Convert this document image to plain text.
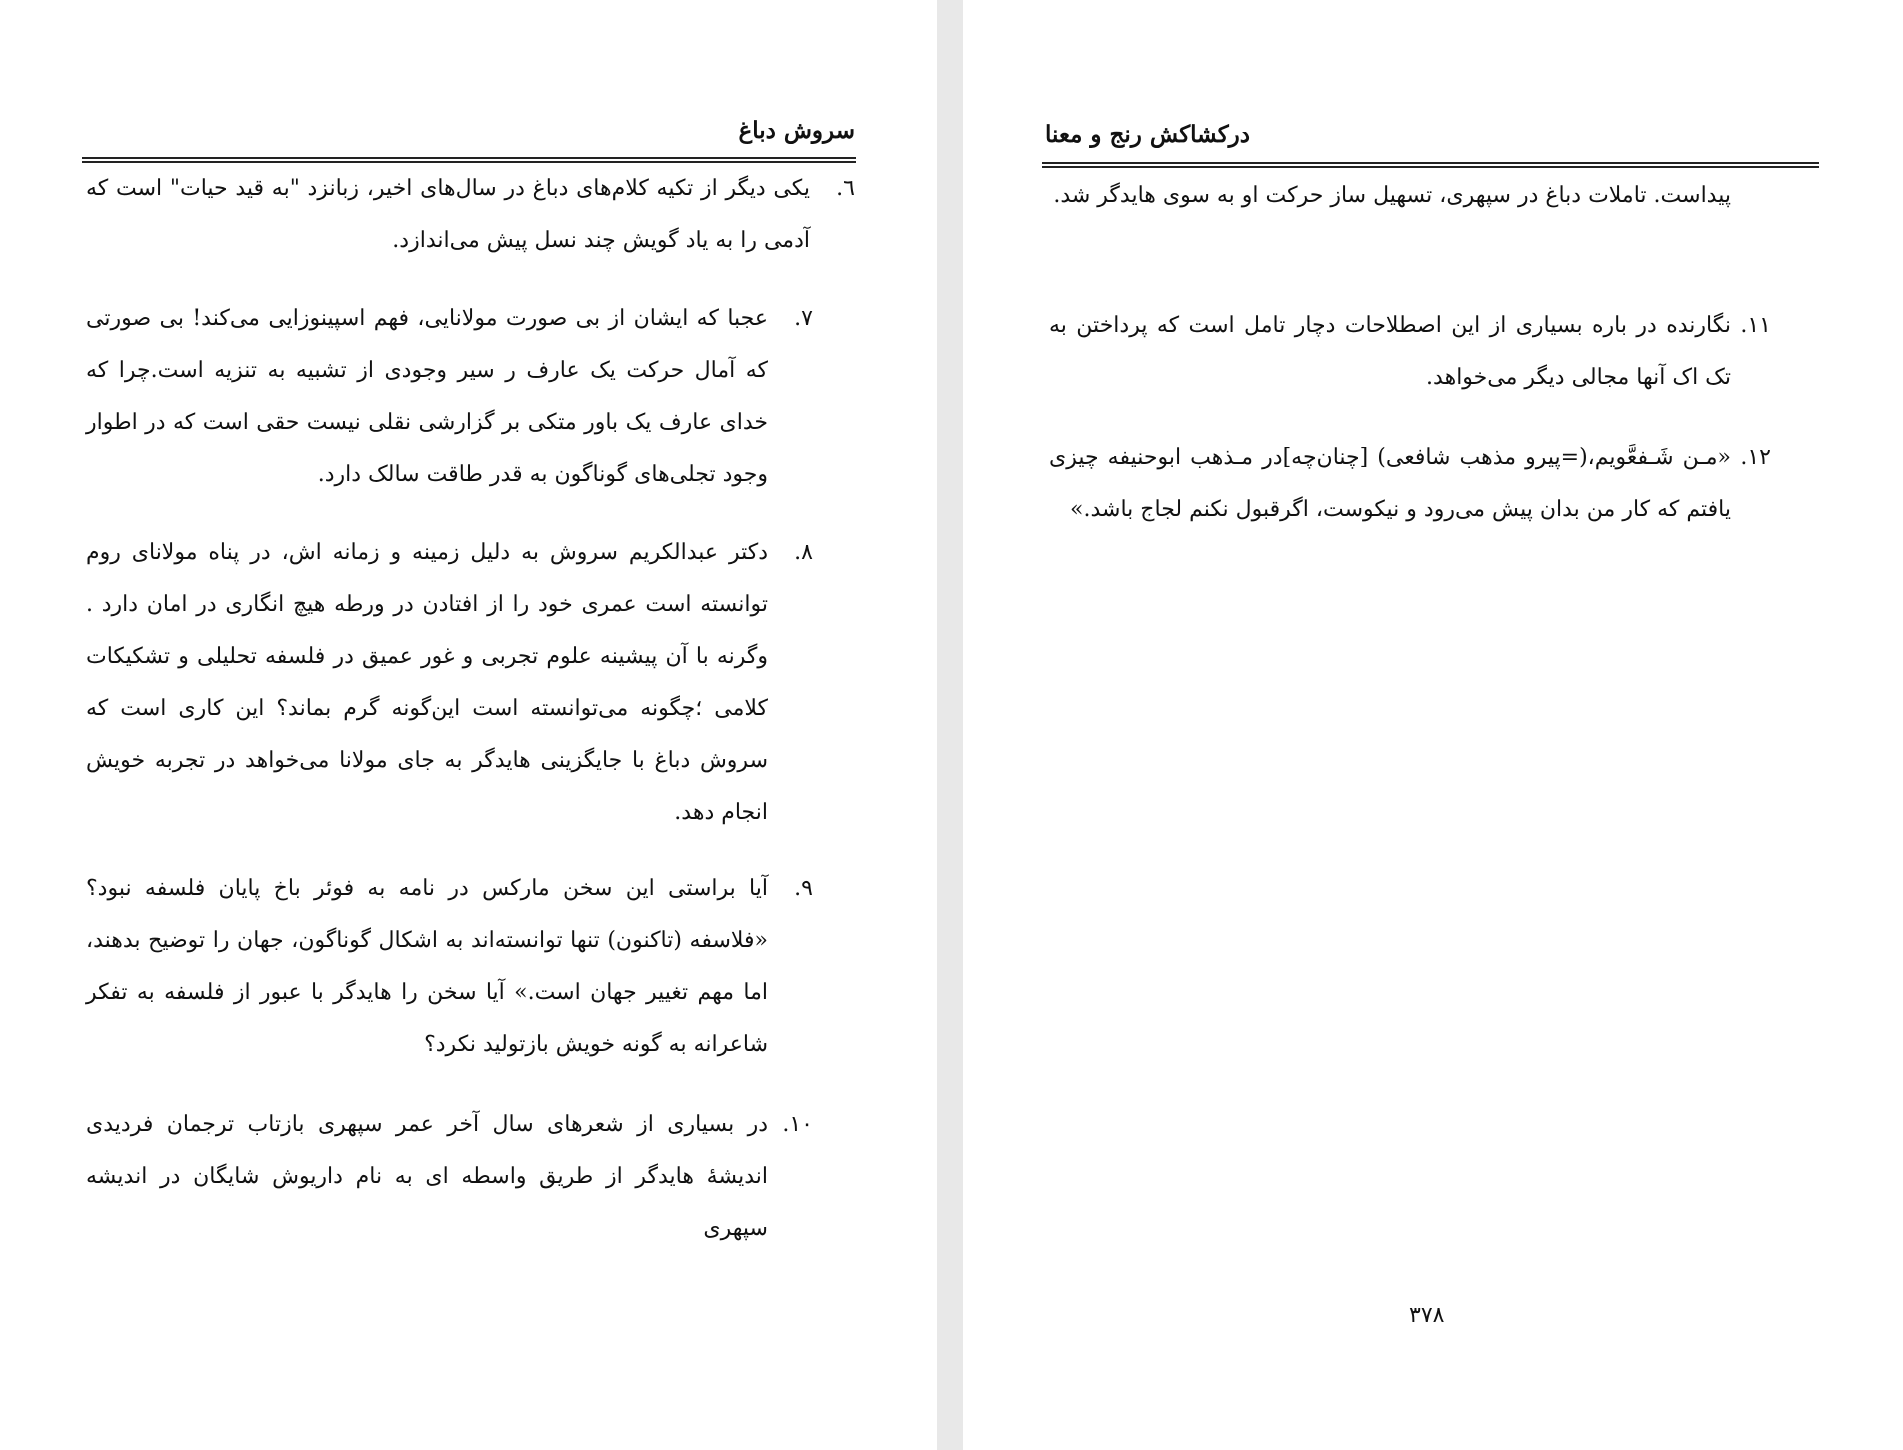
سروش دباغ
٦.
یکی دیگر از تکیه کلام‌های دباغ در سال‌های اخیر، زبانزد "به قید حیات" است که آدمی را به یاد گویش چند نسل پیش می‌اندازد.
۷.
عجبا که ایشان از بی صورت مولانایی، فهم اسپینوزایی می‌کند! بی صورتی که آمال حرکت یک عارف ر سیر وجودی از تشبیه به تنزیه است.چرا که خدای عارف یک باور متکی بر گزارشی نقلی نیست حقی است که در اطوار وجود تجلی‌های گوناگون به قدر طاقت سالک دارد.
۸.
دکتر عبدالکریم سروش به دلیل زمینه و زمانه اش، در پناه مولانای روم توانسته است عمری خود را از افتادن در ورطه هیچ انگاری در امان دارد . وگرنه با آن پیشینه علوم تجربی و غور عمیق در فلسفه تحلیلی و تشکیکات کلامی ؛چگونه می‌توانسته است این‌گونه گرم بماند؟ این کاری است که سروش دباغ با جایگزینی هایدگر به جای مولانا می‌خواهد در تجربه خویش انجام دهد.
۹.
آیا براستی این سخن مارکس در نامه به فوئر باخ پایان فلسفه نبود؟ «فلاسفه (تاکنون) تنها توانسته‌اند به اشکال گوناگون، جهان را توضیح بدهند، اما مهم تغییر جهان است.» آیا سخن را هایدگر با عبور از فلسفه به تفکر شاعرانه به گونه خویش بازتولید نکرد؟
۱۰.
در بسیاری از شعرهای سال آخر عمر سپهری بازتاب ترجمان فردیدی اندیشهٔ هایدگر از طریق واسطه ای به نام داریوش شایگان در اندیشه سپهری
درکشاکش رنج و معنا
پیداست. تاملات دباغ در سپهری، تسهیل ساز حرکت او به سوی هایدگر شد.
۱۱.
نگارنده در باره بسیاری از این اصطلاحات دچار تامل است که پرداختن به تک اک آنها مجالی دیگر می‌خواهد.
۱۲.
«مـن شَـفعَّویم،(=پیرو مذهب شافعی) [چنان‌چه]در مـذهب ابوحنیفه چیزی یافتم که کار من بدان پیش می‌رود و نیکوست، اگرقبول نکنم لجاج باشد.»
۳۷۸
